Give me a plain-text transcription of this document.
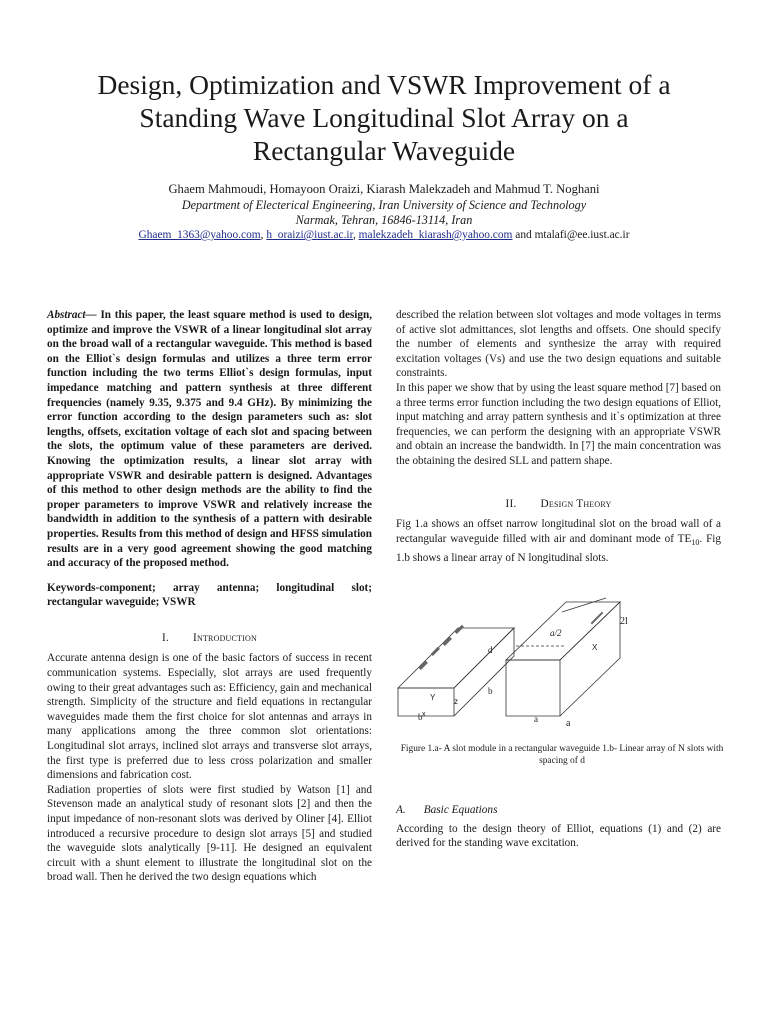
Design, Optimization and VSWR Improvement of a
Standing Wave Longitudinal Slot Array on a
Rectangular Waveguide
Ghaem Mahmoudi, Homayoon Oraizi, Kiarash Malekzadeh and Mahmud T. Noghani
Department of Electerical Engineering, Iran University of Science and Technology
Narmak, Tehran, 16846-13114, Iran
Ghaem_1363@yahoo.com, h_oraizi@iust.ac.ir, malekzadeh_kiarash@yahoo.com and mtalafi@ee.iust.ac.ir

Abstract— In this paper, the least square method is used to design, optimize and improve the VSWR of a linear longitudinal slot array on the broad wall of a rectangular waveguide. This method is based on the Elliot`s design formulas and utilizes a three term error function including the two terms Elliot`s design formulas, input impedance matching and pattern synthesis at three different frequencies (namely 9.35, 9.375 and 9.4 GHz). By minimizing the error function according to the design parameters such as: slot lengths, offsets, excitation voltage of each slot and spacing between the slots, the optimum value of these parameters are derived. Knowing the optimization results, a linear slot array with appropriate VSWR and desirable pattern is designed. Advantages of this method to other design methods are the ability to find the proper parameters to improve VSWR and relatively increase the bandwidth in addition to the synthesis of a pattern with desirable properties. Results from this method of design and HFSS simulation results are in a very good agreement showing the good matching and accuracy of the proposed method.

Keywords-component; array antenna; longitudinal slot; rectangular waveguide; VSWR

I. Introduction

Accurate antenna design is one of the basic factors of success in recent communication systems. Especially, slot arrays are used frequently owing to their great advantages such as: Efficiency, gain and mechanical strength. Simplicity of the structure and field equations in rectangular waveguides made them the first choice for slot antennas and arrays in many applications among the three common slot orientations: Longitudinal slot arrays, inclined slot arrays and transverse slot arrays, the first type is preferred due to less cross polarization and smaller dimensions and fabrication cost.

Radiation properties of slots were first studied by Watson [1] and Stevenson made an analytical study of resonant slots [2] and then the input impedance of non-resonant slots was derived by Oliner [4]. Elliot introduced a recursive procedure to design slot arrays [5] and studied the waveguide slots analytically [9-11]. He designed an equivalent circuit with a shunt element to illustrate the longitudinal slot on the broad wall. Then he derived the two design equations which

described the relation between slot voltages and mode voltages in terms of active slot admittances, slot lengths and offsets. One should specify the number of elements and synthesize the array with required excitation voltages (Vs) and use the two design equations and suitable constraints.

In this paper we show that by using the least square method [7] based on a three terms error function including the two design equations of Elliot, input matching and array pattern synthesis and it`s optimization at three frequencies, we can perform the designing with an appropriate VSWR and obtain an increase the bandwidth. In [7] the main concentration was the obtaining the desired SLL and pattern shape.

II. Design Theory

Fig 1.a shows an offset narrow longitudinal slot on the broad wall of a rectangular waveguide filled with air and dominant mode of $TE_{10}$. Fig 1.b shows a linear array of N longitudinal slots.

a/2
2l
d
b
b	a	a
Y z
x
X
Figure 1.a- A slot module in a rectangular waveguide 1.b- Linear array of N slots with spacing of d

A. Basic Equations

According to the design theory of Elliot, equations (1) and (2) are derived for the standing wave excitation.
